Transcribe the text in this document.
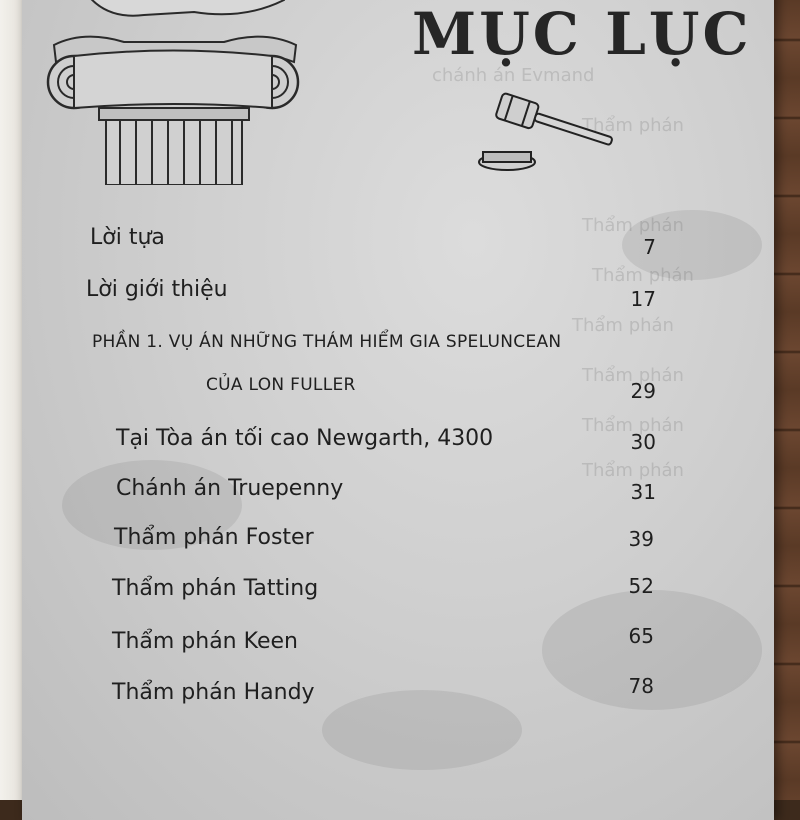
chánh án Evmand
Thẩm phán
Thẩm phán
Thẩm phán
Thẩm phán
Thẩm phán
Thẩm phán
Thẩm phán
MỤC LỤC
Lời tựa	7
Lời giới thiệu	17
PHẦN 1. VỤ ÁN NHỮNG THÁM HIỂM GIA SPELUNCEAN
CỦA LON FULLER	29
Tại Tòa án tối cao Newgarth, 4300	30
Chánh án Truepenny	31
Thẩm phán Foster	39
Thẩm phán Tatting	52
Thẩm phán Keen	65
Thẩm phán Handy	78
